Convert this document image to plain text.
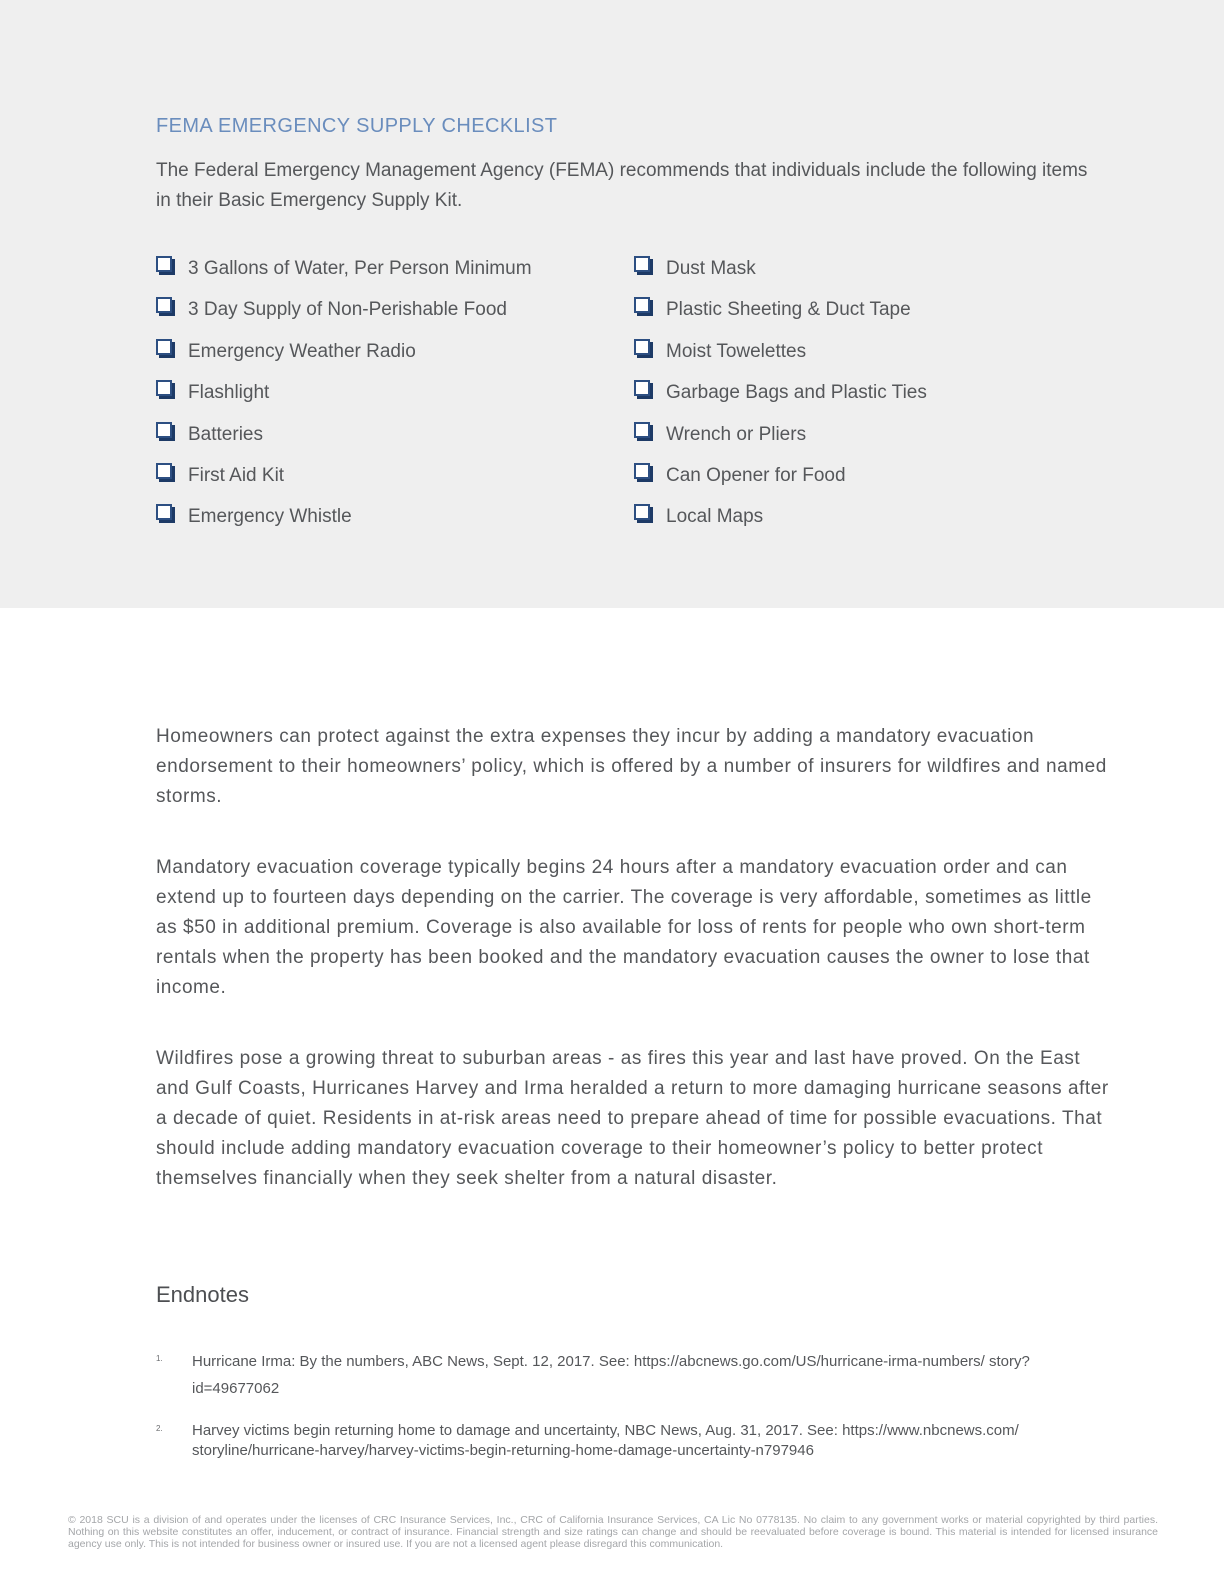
FEMA EMERGENCY SUPPLY CHECKLIST
The Federal Emergency Management Agency (FEMA) recommends that individuals include the following items in their Basic Emergency Supply Kit.
3 Gallons of Water, Per Person Minimum
3 Day Supply of Non-Perishable Food
Emergency Weather Radio
Flashlight
Batteries
First Aid Kit
Emergency Whistle
Dust Mask
Plastic Sheeting & Duct Tape
Moist Towelettes
Garbage Bags and Plastic Ties
Wrench or Pliers
Can Opener for Food
Local Maps

Homeowners can protect against the extra expenses they incur by adding a mandatory evacuation endorsement to their homeowners’ policy, which is offered by a number of insurers for wildfires and named storms.

Mandatory evacuation coverage typically begins 24 hours after a mandatory evacuation order and can extend up to fourteen days depending on the carrier. The coverage is very affordable, sometimes as little as $50 in additional premium. Coverage is also available for loss of rents for people who own short-term rentals when the property has been booked and the mandatory evacuation causes the owner to lose that income.

Wildfires pose a growing threat to suburban areas - as fires this year and last have proved. On the East and Gulf Coasts, Hurricanes Harvey and Irma heralded a return to more damaging hurricane seasons after a decade of quiet. Residents in at-risk areas need to prepare ahead of time for possible evacuations. That should include adding mandatory evacuation coverage to their homeowner’s policy to better protect themselves financially when they seek shelter from a natural disaster.

Endnotes
1. Hurricane Irma: By the numbers, ABC News, Sept. 12, 2017. See: https://abcnews.go.com/US/hurricane-irma-numbers/ story?id=49677062
2. Harvey victims begin returning home to damage and uncertainty, NBC News, Aug. 31, 2017. See: https://www.nbcnews.com/ storyline/hurricane-harvey/harvey-victims-begin-returning-home-damage-uncertainty-n797946
© 2018 SCU is a division of and operates under the licenses of CRC Insurance Services, Inc., CRC of California Insurance Services, CA Lic No 0778135. No claim to any government works or material copyrighted by third parties. Nothing on this website constitutes an offer, inducement, or contract of insurance. Financial strength and size ratings can change and should be reevaluated before coverage is bound. This material is intended for licensed insurance agency use only. This is not intended for business owner or insured use. If you are not a licensed agent please disregard this communication.
